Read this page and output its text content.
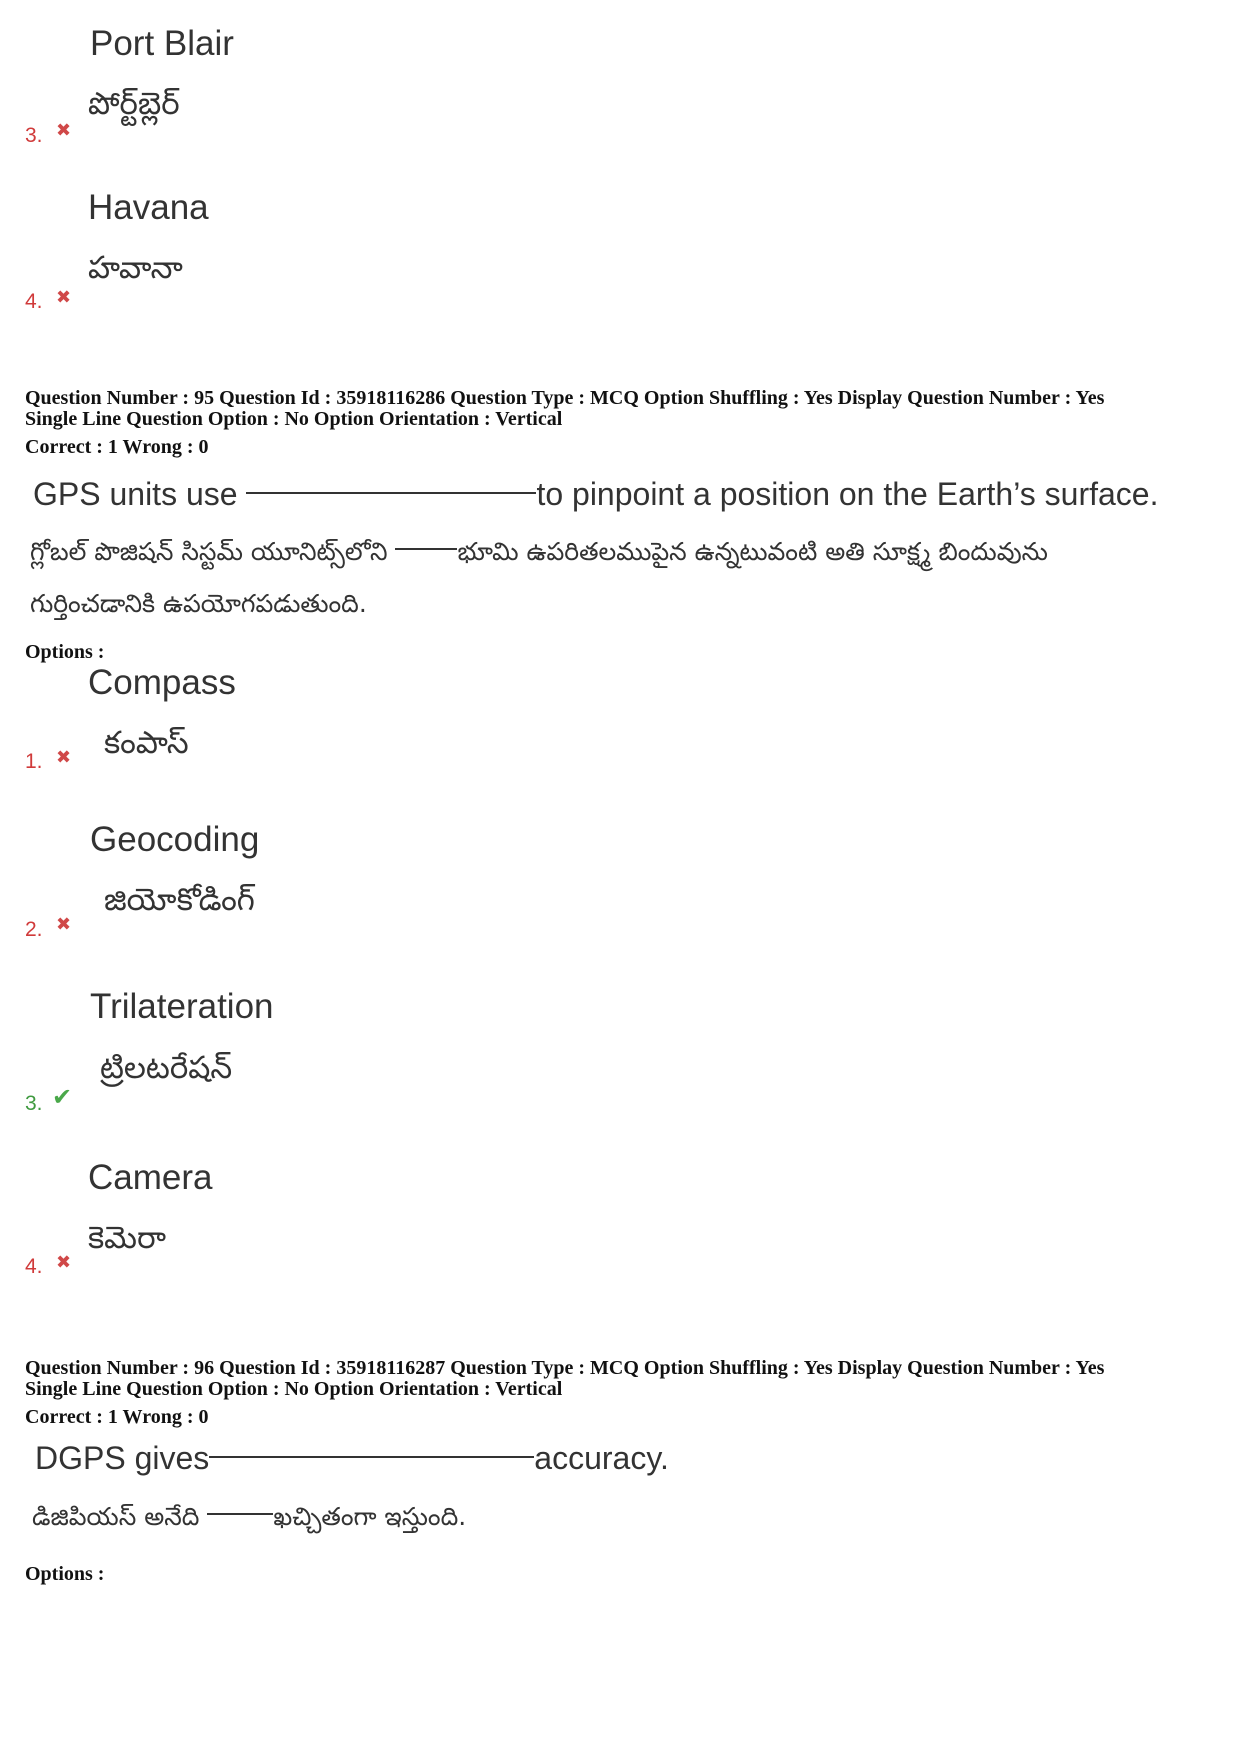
Port Blair
పోర్ట్‌బ్లెర్
3. ✖
Havana
హవానా
4. ✖
Question Number : 95 Question Id : 35918116286 Question Type : MCQ Option Shuffling : Yes Display Question Number : Yes
Single Line Question Option : No Option Orientation : Vertical
Correct : 1 Wrong : 0
GPS units use	to pinpoint a position on the Earth’s surface.
గ్లోబల్ పొజిషన్ సిస్టమ్ యూనిట్స్‌లోని భూమి ఉపరితలముపైన ఉన్నటువంటి అతి సూక్ష్మ బిందువును
గుర్తించడానికి ఉపయోగపడుతుంది.
Options :
Compass
కంపాస్
1. ✖
Geocoding
జియోకోడింగ్
2. ✖
Trilateration
ట్రిలటరేషన్
3. ✔
Camera
కెమెరా
4. ✖
Question Number : 96 Question Id : 35918116287 Question Type : MCQ Option Shuffling : Yes Display Question Number : Yes
Single Line Question Option : No Option Orientation : Vertical
Correct : 1 Wrong : 0
DGPS gives	accuracy.
డిజిపియస్ అనేది	ఖచ్చితంగా ఇస్తుంది.
Options :
